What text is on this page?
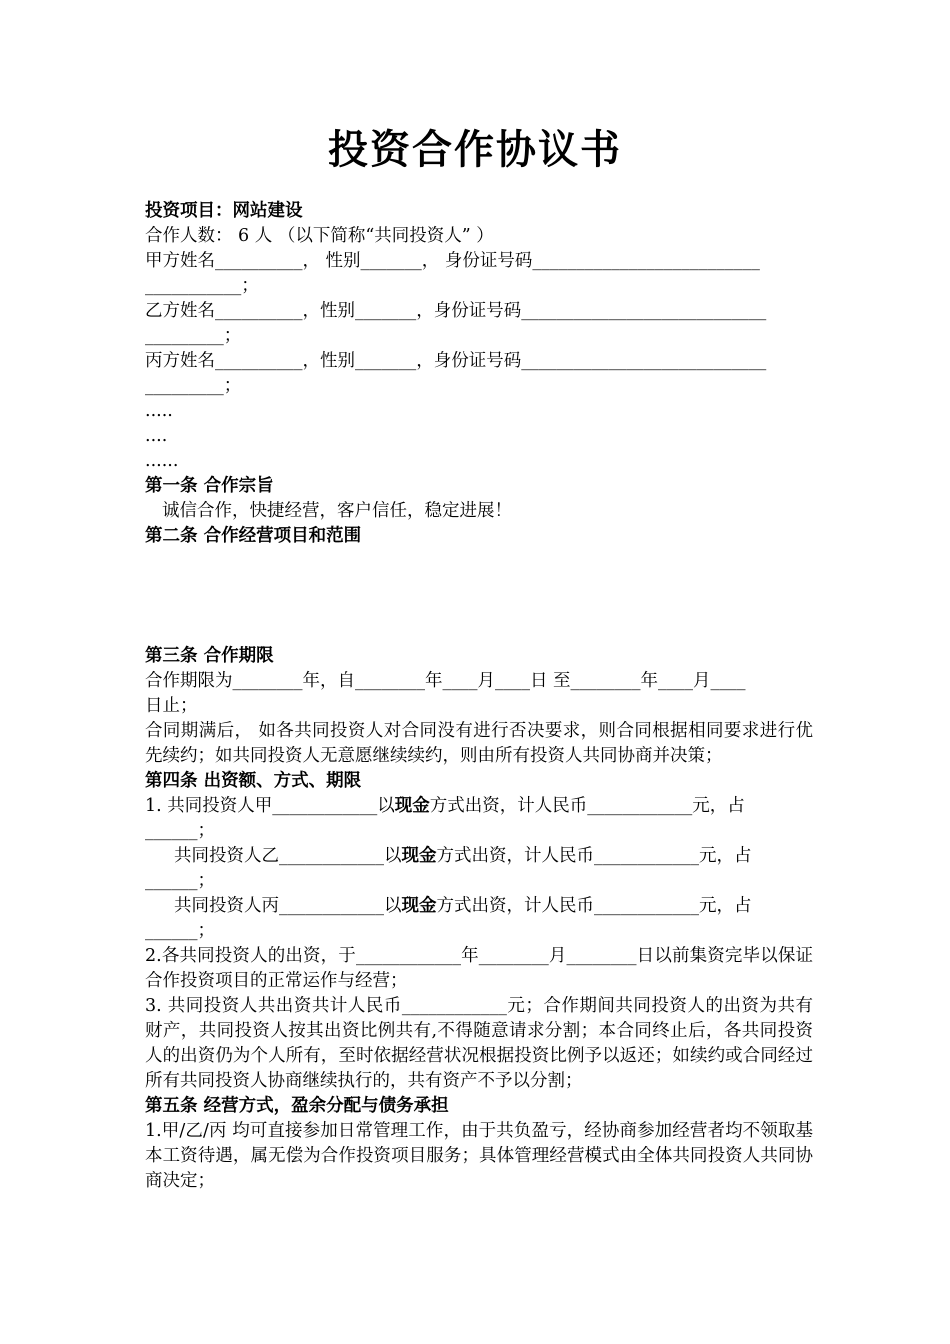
投资合作协议书
投资项目：网站建设
合作人数： 6 人 （以下简称“共同投资人” ）
甲方姓名__________， 性别_______， 身份证号码__________________________
___________；
乙方姓名__________，性别_______，身份证号码____________________________
_________；
丙方姓名__________，性别_______，身份证号码____________________________
_________；
.....
....
......
第一条 合作宗旨
诚信合作，快捷经营，客户信任，稳定进展！
第二条 合作经营项目和范围
第三条 合作期限
合作期限为________年，自________年____月____日 至________年____月____
日止；
合同期满后， 如各共同投资人对合同没有进行否决要求，则合同根据相同要求进行优先续约；如共同投资人无意愿继续续约，则由所有投资人共同协商并决策；
第四条 出资额、方式、期限
1. 共同投资人甲____________以现金方式出资，计人民币____________元，占
______；
共同投资人乙____________以现金方式出资，计人民币____________元，占
______；
共同投资人丙____________以现金方式出资，计人民币____________元，占
______；
2.各共同投资人的出资，于____________年________月________日以前集资完毕以保证合作投资项目的正常运作与经营；
3. 共同投资人共出资共计人民币____________元；合作期间共同投资人的出资为共有财产，共同投资人按其出资比例共有,不得随意请求分割；本合同终止后，各共同投资人的出资仍为个人所有，至时依据经营状况根据投资比例予以返还；如续约或合同经过所有共同投资人协商继续执行的，共有资产不予以分割；
第五条 经营方式，盈余分配与债务承担
1.甲/乙/丙 均可直接参加日常管理工作，由于共负盈亏，经协商参加经营者均不领取基本工资待遇，属无偿为合作投资项目服务；具体管理经营模式由全体共同投资人共同协商决定；
